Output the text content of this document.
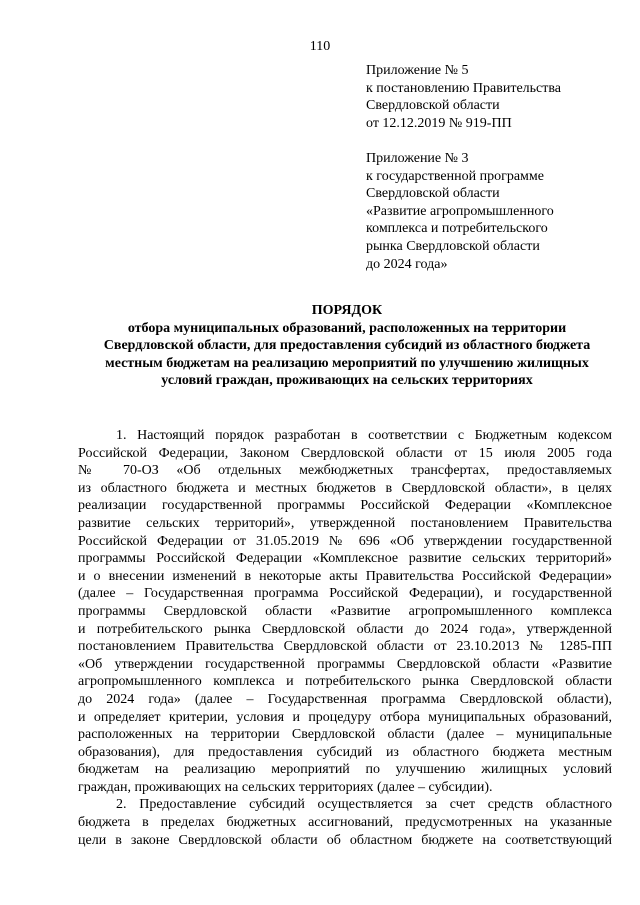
110
Приложение № 5
к постановлению Правительства
Свердловской области
от 12.12.2019 № 919-ПП
Приложение № 3
к государственной программе
Свердловской области
«Развитие агропромышленного
комплекса и потребительского
рынка Свердловской области
до 2024 года»
ПОРЯДОК
отбора муниципальных образований, расположенных на территории
Свердловской области, для предоставления субсидий из областного бюджета
местным бюджетам на реализацию мероприятий по улучшению жилищных
условий граждан, проживающих на сельских территориях
1. Настоящий порядок разработан в соответствии с Бюджетным кодексом
Российской Федерации, Законом Свердловской области от 15 июля 2005 года
№ 70-ОЗ «Об отдельных межбюджетных трансфертах, предоставляемых
из областного бюджета и местных бюджетов в Свердловской области», в целях
реализации государственной программы Российской Федерации «Комплексное
развитие сельских территорий», утвержденной постановлением Правительства
Российской Федерации от 31.05.2019 № 696 «Об утверждении государственной
программы Российской Федерации «Комплексное развитие сельских территорий»
и о внесении изменений в некоторые акты Правительства Российской Федерации»
(далее – Государственная программа Российской Федерации), и государственной
программы Свердловской области «Развитие агропромышленного комплекса
и потребительского рынка Свердловской области до 2024 года», утвержденной
постановлением Правительства Свердловской области от 23.10.2013 № 1285-ПП
«Об утверждении государственной программы Свердловской области «Развитие
агропромышленного комплекса и потребительского рынка Свердловской области
до 2024 года» (далее – Государственная программа Свердловской области),
и определяет критерии, условия и процедуру отбора муниципальных образований,
расположенных на территории Свердловской области (далее – муниципальные
образования), для предоставления субсидий из областного бюджета местным
бюджетам на реализацию мероприятий по улучшению жилищных условий
граждан, проживающих на сельских территориях (далее – субсидии).
2. Предоставление субсидий осуществляется за счет средств областного
бюджета в пределах бюджетных ассигнований, предусмотренных на указанные
цели в законе Свердловской области об областном бюджете на соответствующий
